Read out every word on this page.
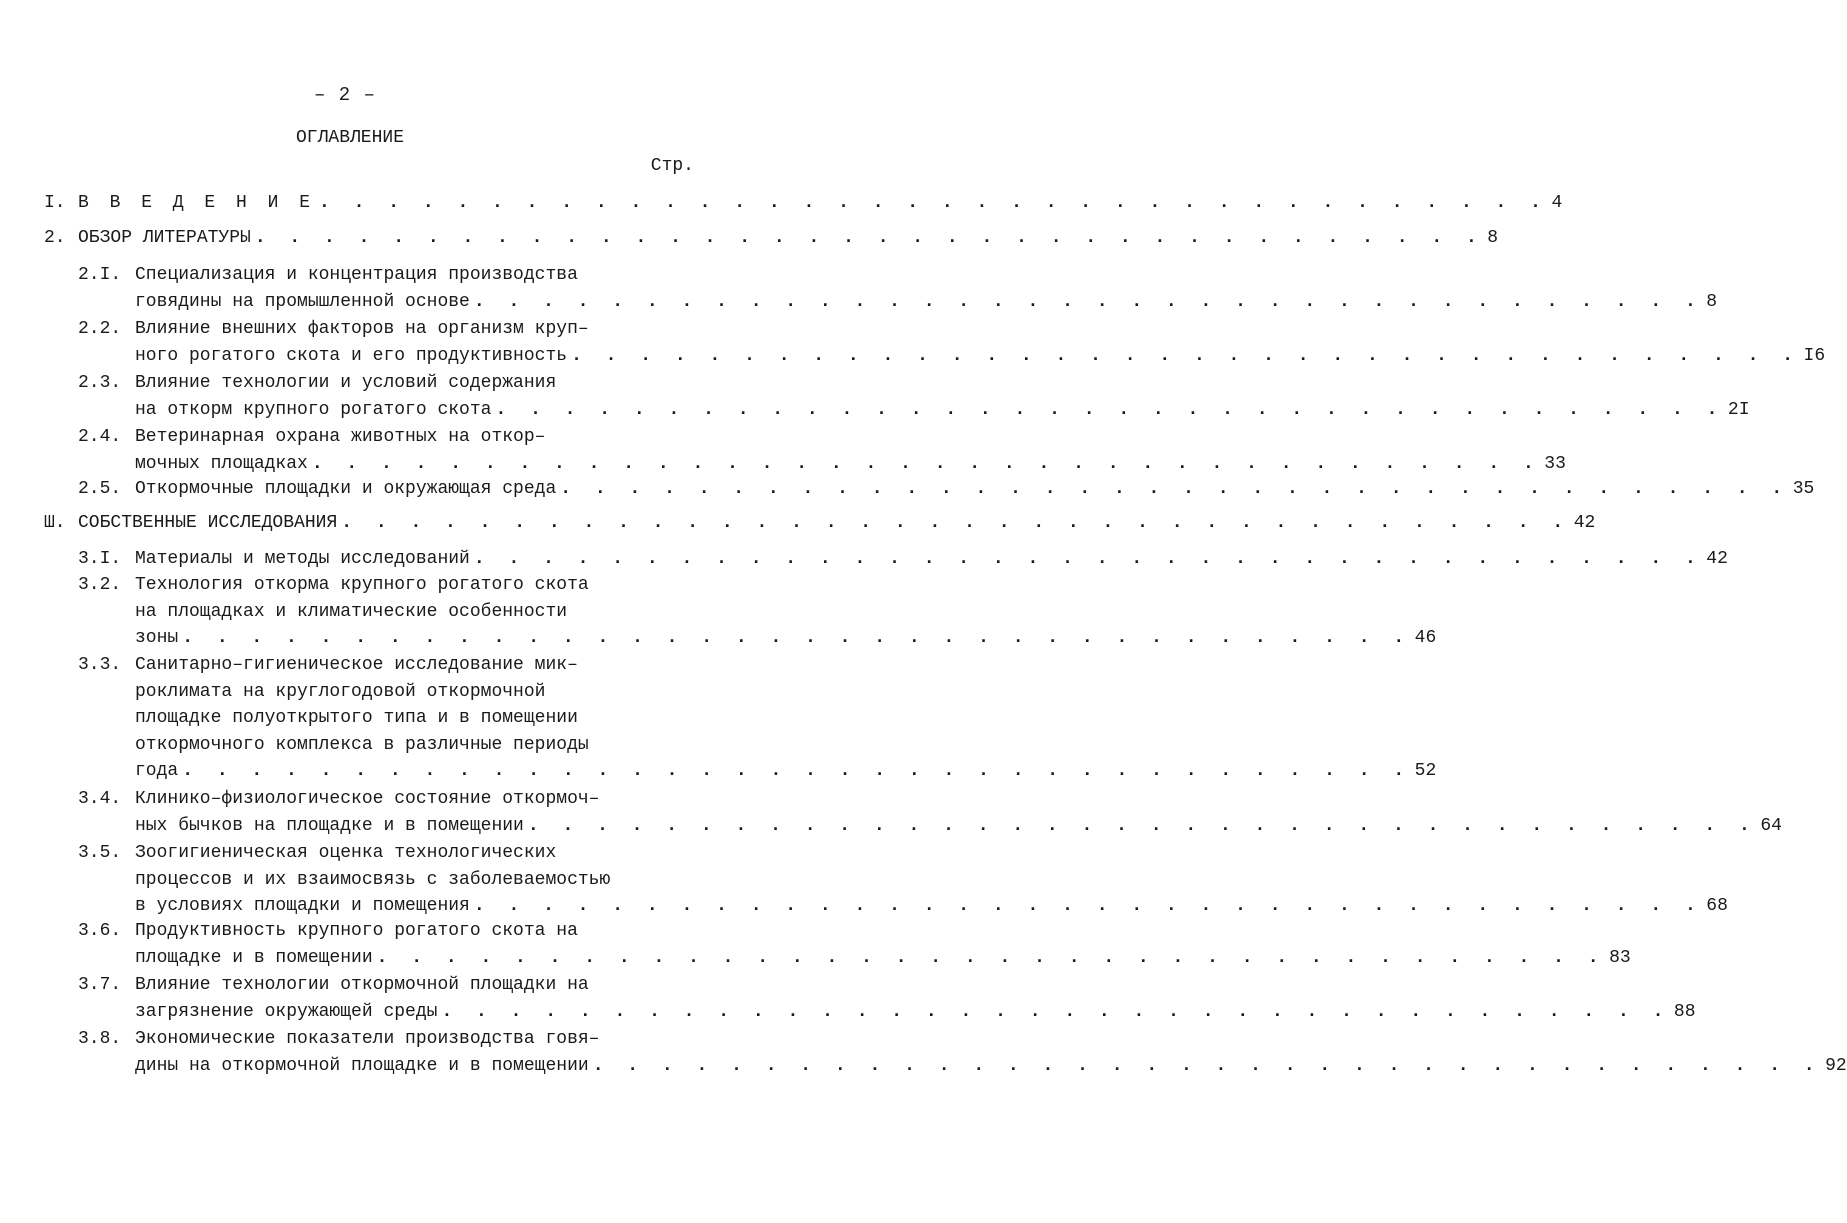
– 2 –
ОГЛАВЛЕНИЕ
Стр.
I. В В Е Д Е Н И Е . . . . . . . . . . . . . . . . . . . . . . . . . . . . . . . . . . . . 4
2. ОБЗОР ЛИТЕРАТУРЫ . . . . . . . . . . . . . . . . . . . . . . . . . . . . . . . . . . . . 8
2.I. Специализация и концентрация производства
говядины на промышленной основе . . . . . . . . . . . . . . . . . . . . . . . . . . . . . . . . . . . . 8
2.2. Влияние внешних факторов на организм круп–
ного рогатого скота и его продуктивность . . . . . . . . . . . . . . . . . . . . . . . . . . . . . . . . . . . . I6
2.3. Влияние технологии и условий содержания
на откорм крупного рогатого скота . . . . . . . . . . . . . . . . . . . . . . . . . . . . . . . . . . . . 2I
2.4. Ветеринарная охрана животных на откор–
мочных площадках . . . . . . . . . . . . . . . . . . . . . . . . . . . . . . . . . . . . 33
2.5. Откормочные площадки и окружающая среда . . . . . . . . . . . . . . . . . . . . . . . . . . . . . . . . . . . . 35
Ш. СОБСТВЕННЫЕ ИССЛЕДОВАНИЯ . . . . . . . . . . . . . . . . . . . . . . . . . . . . . . . . . . . . 42
3.I. Материалы и методы исследований . . . . . . . . . . . . . . . . . . . . . . . . . . . . . . . . . . . . 42
3.2. Технология откорма крупного рогатого скота
на площадках и климатические особенности
зоны . . . . . . . . . . . . . . . . . . . . . . . . . . . . . . . . . . . . 46
3.3. Санитарно–гигиеническое исследование мик–
роклимата на круглогодовой откормочной
площадке полуоткрытого типа и в помещении
откормочного комплекса в различные периоды
года . . . . . . . . . . . . . . . . . . . . . . . . . . . . . . . . . . . . 52
3.4. Клинико–физиологическое состояние откормоч–
ных бычков на площадке и в помещении . . . . . . . . . . . . . . . . . . . . . . . . . . . . . . . . . . . . 64
3.5. Зоогигиеническая оценка технологических
процессов и их взаимосвязь с заболеваемостью
в условиях площадки и помещения . . . . . . . . . . . . . . . . . . . . . . . . . . . . . . . . . . . . 68
3.6. Продуктивность крупного рогатого скота на
площадке и в помещении . . . . . . . . . . . . . . . . . . . . . . . . . . . . . . . . . . . . 83
3.7. Влияние технологии откормочной площадки на
загрязнение окружающей среды . . . . . . . . . . . . . . . . . . . . . . . . . . . . . . . . . . . . 88
3.8. Экономические показатели производства говя–
дины на откормочной площадке и в помещении . . . . . . . . . . . . . . . . . . . . . . . . . . . . . . . . . . . . 92
